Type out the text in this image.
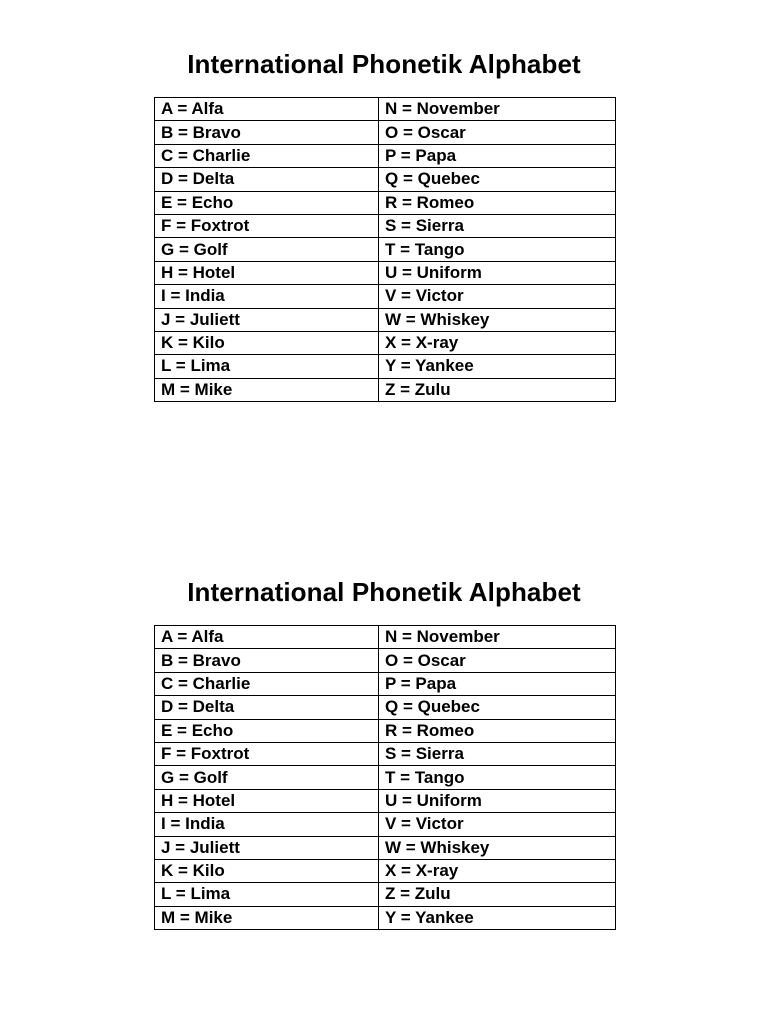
International Phonetik Alphabet
A = Alfa	N = November
B = Bravo	O = Oscar
C = Charlie	P = Papa
D = Delta	Q = Quebec
E = Echo	R = Romeo
F = Foxtrot	S = Sierra
G = Golf	T = Tango
H = Hotel	U = Uniform
I = India	V = Victor
J = Juliett	W = Whiskey
K = Kilo	X = X-ray
L = Lima	Y = Yankee
M = Mike	Z = Zulu
International Phonetik Alphabet
A = Alfa	N = November
B = Bravo	O = Oscar
C = Charlie	P = Papa
D = Delta	Q = Quebec
E = Echo	R = Romeo
F = Foxtrot	S = Sierra
G = Golf	T = Tango
H = Hotel	U = Uniform
I = India	V = Victor
J = Juliett	W = Whiskey
K = Kilo	X = X-ray
L = Lima	Z = Zulu
M = Mike	Y = Yankee
